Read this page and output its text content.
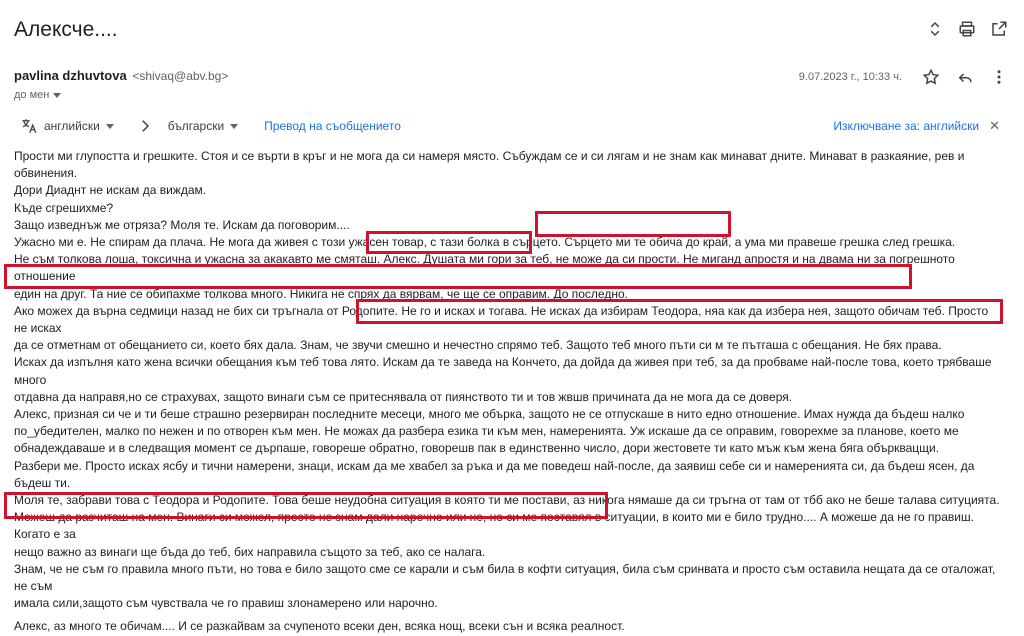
Алексче....
pavlina dzhuvtova <shivaq@abv.bg>
до мен
9.07.2023 г., 10:33 ч.
английски	български	Превод на съобщението	Изключване за: английски ✕

Прости ми глупостта и грешките. Стоя и се върти в кръг и не мога да си намеря място. Събуждам се и си лягам и не знам как минават дните. Минават в разкаяние, рев и обвинения.

Дори Диаднт не искам да виждам.

Къде сгрешихме?

Защо изведнъж ме отряза? Моля те. Искам да поговорим....

Ужасно ми е. Не спирам да плача. Не мога да живея с този ужасен товар, с тази болка в сърцето. Сърцето ми те обича до край, а ума ми правеше грешка след грешка.

Не съм толкова лоша, токсична и ужасна за акакавто ме смяташ. Алекс. Душата ми гори за теб, не може да си прости. Не миганд апростя и на двама ни за погрешното отношение

един на друг. Та ние се обипахме толкова много. Никига не спрях да вярвам, че ще се оправим. До последно.

Ако можех да върна седмици назад не бих си тръгнала от Родопите. Не го и исках и тогава. Не исках да избирам Теодора, няа как да избера нея, защото обичам теб. Просто не исках

да се отметнам от обещанието си, което бях дала. Знам, че звучи смешно и нечестно спрямо теб. Защото теб много пъти си м те пътгаша с обещания. Не бях права.

Исках да изпълня като жена всички обещания към теб това лято. Искам да те заведа на Кончето, да дойда да живея при теб, за да пробваме най-после това, което трябваше много

отдавна да направя,но се страхувах, защото винаги съм се притеснявала от пиянството ти и тов жвшв причината да не мога да се доверя.

Алекс, призная си че и ти беше страшно резервиран последните месеци, много ме обърка, защото не се отпускаше в нито едно отношение. Имах нужда да бъдеш налко

по_убедителен, малко по нежен и по отворен към мен. Не можах да разбера езика ти към мен, намеренията. Уж искаше да се оправим, говорехме за планове, което ме

обнадеждаваше и в следващия момент се дърпаше, говореше обратно, говорешв пак в единственно число, дори жестовете ти като мъж към жена бяга обърквацщи.

Разбери ме. Просто исках ясбу и тични намерени, знаци, искам да ме хвабел за ръка и да ме поведеш най-после, да заявиш себе си и намеренията си, да бъдеш ясен, да бъдеш ти.

Моля те, забрави това с Теодора и Родопите. Това беше неудобна ситуация в която ти ме постави, аз никога нямаше да си тръгна от там от тбб ако не беше талава ситуцията.

Можеш да разчиташ на мен. Винаги си можел, просто не знам дали нарочно или не, но си ме поставял в ситуации, в които ми е било трудно.... А можеше да не го правиш. Когато е за

нещо важно аз винаги ще бъда до теб, бих направила същото за теб, ако се налага.

Знам, че не съм го правила много пъти, но това е било защото сме се карали и съм била в кофти ситуация, била съм сринвата и просто съм оставила нещата да се оталожат, не съм

имала сили,защото съм чувствала че го правиш злонамерено или нарочно.

Алекс, аз много те обичам.... И се разкайвам за счупеното всеки ден, всяка нощ, всеки сън и всяка реалност.
